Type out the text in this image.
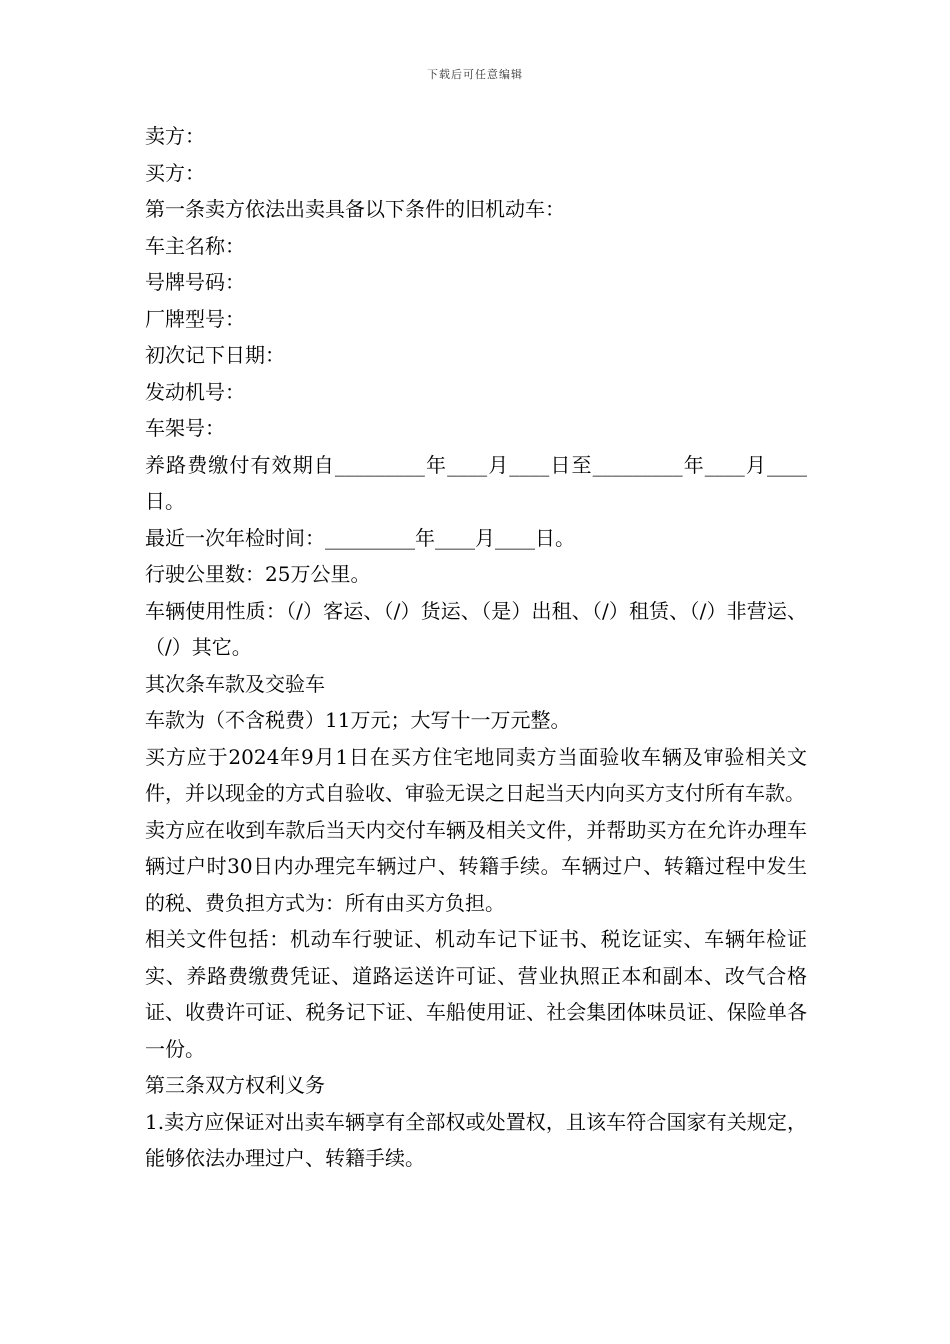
下载后可任意编辑

卖方：

买方：

第一条卖方依法出卖具备以下条件的旧机动车：

车主名称：

号牌号码：

厂牌型号：

初次记下日期：

发动机号：

车架号：

养路费缴付有效期自_________年____月____日至_________年____月____日。

最近一次年检时间：_________年____月____日。

行驶公里数：25万公里。

车辆使用性质：（/）客运、（/）货运、（是）出租、（/）租赁、（/）非营运、（/）其它。

其次条车款及交验车

车款为（不含税费）11万元；大写十一万元整。

买方应于2024年9月1日在买方住宅地同卖方当面验收车辆及审验相关文件，并以现金的方式自验收、审验无误之日起当天内向买方支付所有车款。

卖方应在收到车款后当天内交付车辆及相关文件，并帮助买方在允许办理车辆过户时30日内办理完车辆过户、转籍手续。车辆过户、转籍过程中发生的税、费负担方式为：所有由买方负担。

相关文件包括：机动车行驶证、机动车记下证书、税讫证实、车辆年检证实、养路费缴费凭证、道路运送许可证、营业执照正本和副本、改气合格证、收费许可证、税务记下证、车船使用证、社会集团体味员证、保险单各一份。

第三条双方权利义务

1.卖方应保证对出卖车辆享有全部权或处置权，且该车符合国家有关规定，能够依法办理过户、转籍手续。
